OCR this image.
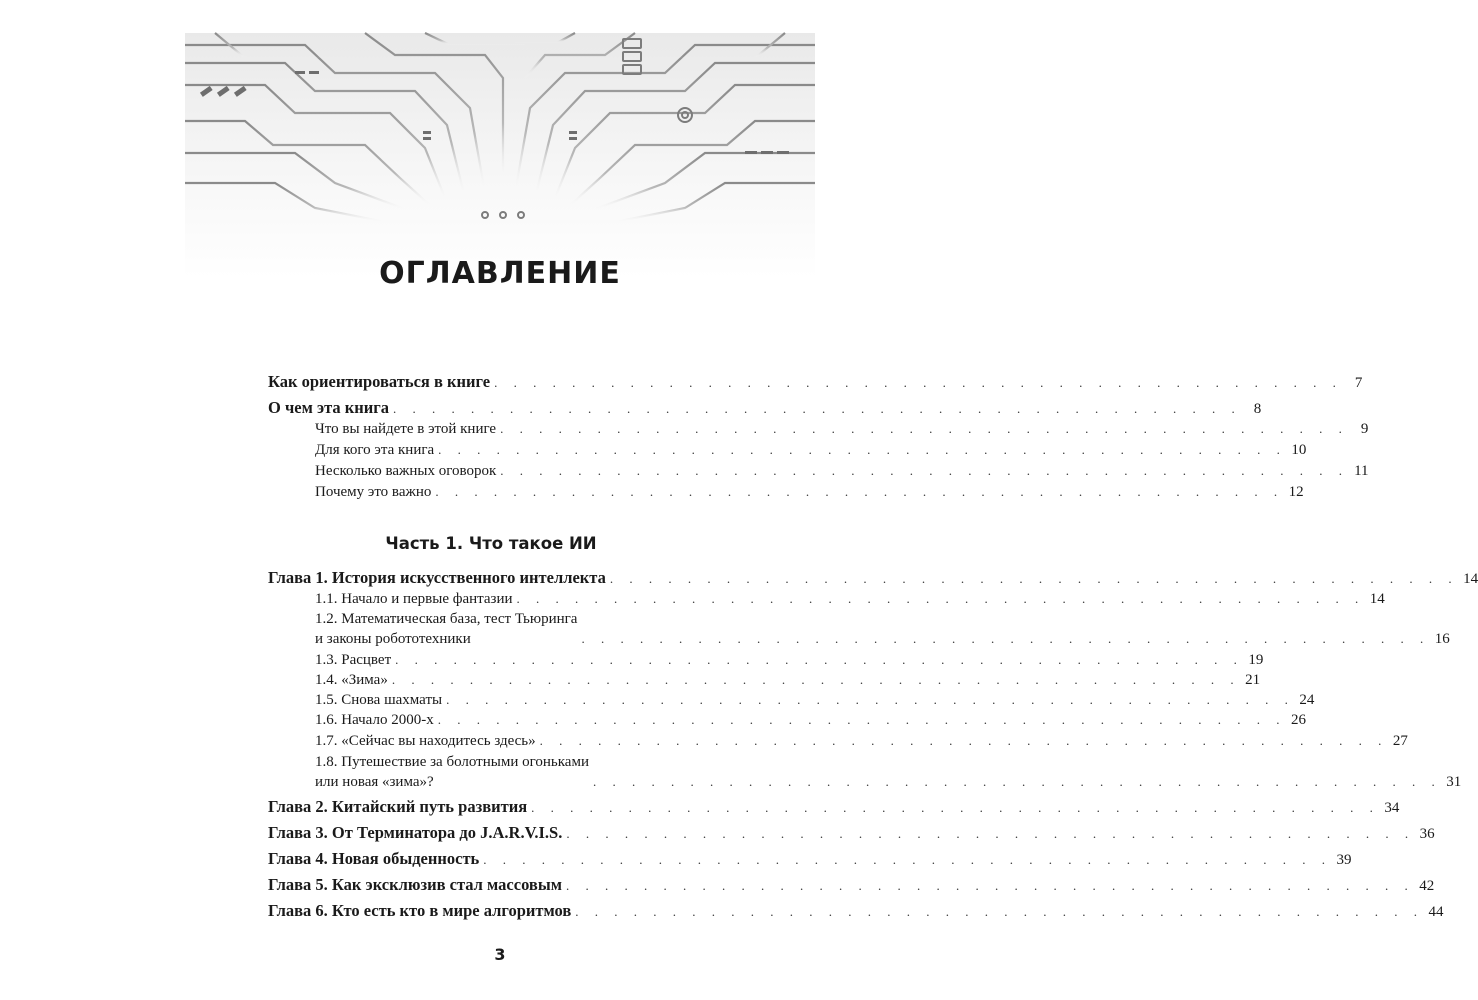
ОГЛАВЛЕНИЕ
Как ориентироваться в книге . . . . . . . . . . . . . . . . . . . . . . . . . . . . . . . . . . . . . . . . . . . . 7
О чем эта книга . . . . . . . . . . . . . . . . . . . . . . . . . . . . . . . . . . . . . . . . . . . . 8
Что вы найдете в этой книге . . . . . . . . . . . . . . . . . . . . . . . . . . . . . . . . . . . . . . . . . . . . 9
Для кого эта книга . . . . . . . . . . . . . . . . . . . . . . . . . . . . . . . . . . . . . . . . . . . . 10
Несколько важных оговорок . . . . . . . . . . . . . . . . . . . . . . . . . . . . . . . . . . . . . . . . . . . . 11
Почему это важно . . . . . . . . . . . . . . . . . . . . . . . . . . . . . . . . . . . . . . . . . . . . 12
Глава 1. История искусственного интеллекта . . . . . . . . . . . . . . . . . . . . . . . . . . . . . . . . . . . . . . . . . . . . 14
1.1. Начало и первые фантазии . . . . . . . . . . . . . . . . . . . . . . . . . . . . . . . . . . . . . . . . . . . . 14
1.2. Математическая база, тест Тьюринга
и законы робототехники	. . . . . . . . . . . . . . . . . . . . . . . . . . . . . . . . . . . . . . . . . . . . 16
1.3. Расцвет . . . . . . . . . . . . . . . . . . . . . . . . . . . . . . . . . . . . . . . . . . . . 19
1.4. «Зима» . . . . . . . . . . . . . . . . . . . . . . . . . . . . . . . . . . . . . . . . . . . . 21
1.5. Снова шахматы . . . . . . . . . . . . . . . . . . . . . . . . . . . . . . . . . . . . . . . . . . . . 24
1.6. Начало 2000-х . . . . . . . . . . . . . . . . . . . . . . . . . . . . . . . . . . . . . . . . . . . . 26
1.7. «Сейчас вы находитесь здесь» . . . . . . . . . . . . . . . . . . . . . . . . . . . . . . . . . . . . . . . . . . . . 27
1.8. Путешествие за болотными огоньками
или новая «зима»?	. . . . . . . . . . . . . . . . . . . . . . . . . . . . . . . . . . . . . . . . . . . . 31
Глава 2. Китайский путь развития . . . . . . . . . . . . . . . . . . . . . . . . . . . . . . . . . . . . . . . . . . . . 34
Глава 3. От Терминатора до J.A.R.V.I.S. . . . . . . . . . . . . . . . . . . . . . . . . . . . . . . . . . . . . . . . . . . . . 36
Глава 4. Новая обыденность . . . . . . . . . . . . . . . . . . . . . . . . . . . . . . . . . . . . . . . . . . . . 39
Глава 5. Как эксклюзив стал массовым . . . . . . . . . . . . . . . . . . . . . . . . . . . . . . . . . . . . . . . . . . . . 42
Глава 6. Кто есть кто в мире алгоритмов . . . . . . . . . . . . . . . . . . . . . . . . . . . . . . . . . . . . . . . . . . . . 44
Часть 1. Что такое ИИ
3
